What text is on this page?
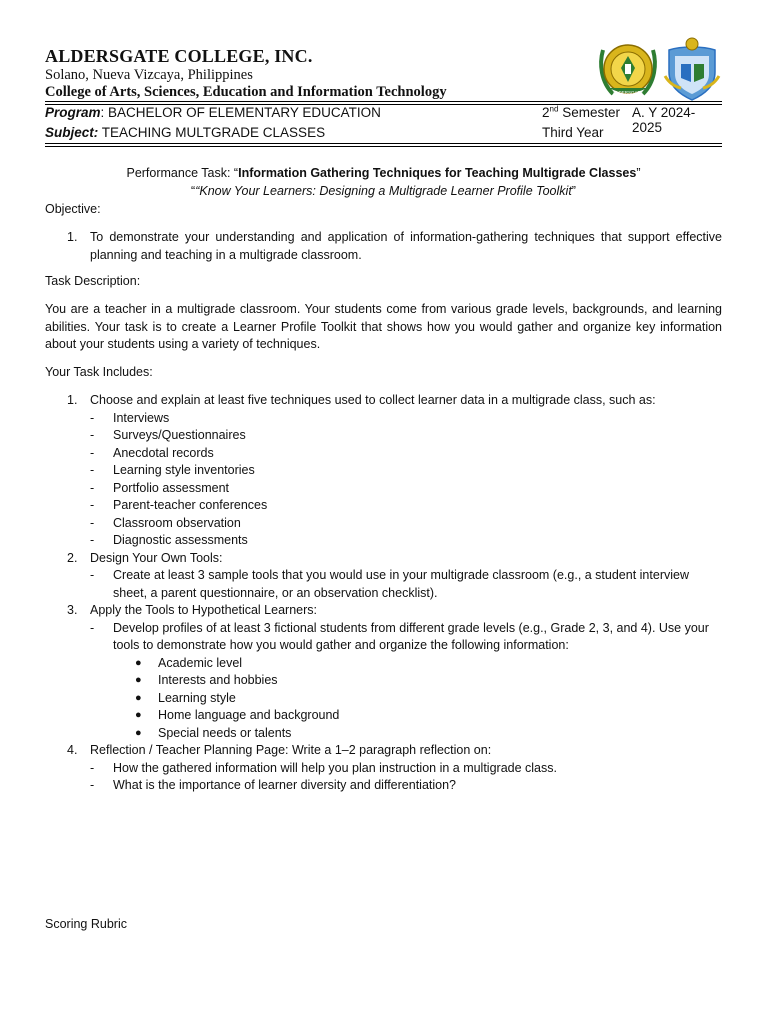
ALDERSGATE COLLEGE, INC.
Solano, Nueva Vizcaya, Philippines
College of Arts, Sciences, Education and Information Technology	ALDERSGATE
Program: BACHELOR OF ELEMENTARY EDUCATION	2nd Semester A. Y 2024-2025
Subject: TEACHING MULTGRADE CLASSES	Third Year
Performance Task: “Information Gathering Techniques for Teaching Multigrade Classes”
““Know Your Learners: Designing a Multigrade Learner Profile Toolkit”
Objective:
1. To demonstrate your understanding and application of information-gathering techniques that support effective planning and teaching in a multigrade classroom.
Task Description:
You are a teacher in a multigrade classroom. Your students come from various grade levels, backgrounds, and learning abilities. Your task is to create a Learner Profile Toolkit that shows how you would gather and organize key information about your students using a variety of techniques.
Your Task Includes:
1. Choose and explain at least five techniques used to collect learner data in a multigrade class, such as:
- Interviews
- Surveys/Questionnaires
- Anecdotal records
- Learning style inventories
- Portfolio assessment
- Parent-teacher conferences
- Classroom observation
- Diagnostic assessments
2. Design Your Own Tools:
- Create at least 3 sample tools that you would use in your multigrade classroom (e.g., a student interview sheet, a parent questionnaire, or an observation checklist).
3. Apply the Tools to Hypothetical Learners:
- Develop profiles of at least 3 fictional students from different grade levels (e.g., Grade 2, 3, and 4). Use your tools to demonstrate how you would gather and organize the following information:
● Academic level
● Interests and hobbies
● Learning style
● Home language and background
● Special needs or talents
4. Reflection / Teacher Planning Page: Write a 1–2 paragraph reflection on:
- How the gathered information will help you plan instruction in a multigrade class.
- What is the importance of learner diversity and differentiation?
Scoring Rubric
